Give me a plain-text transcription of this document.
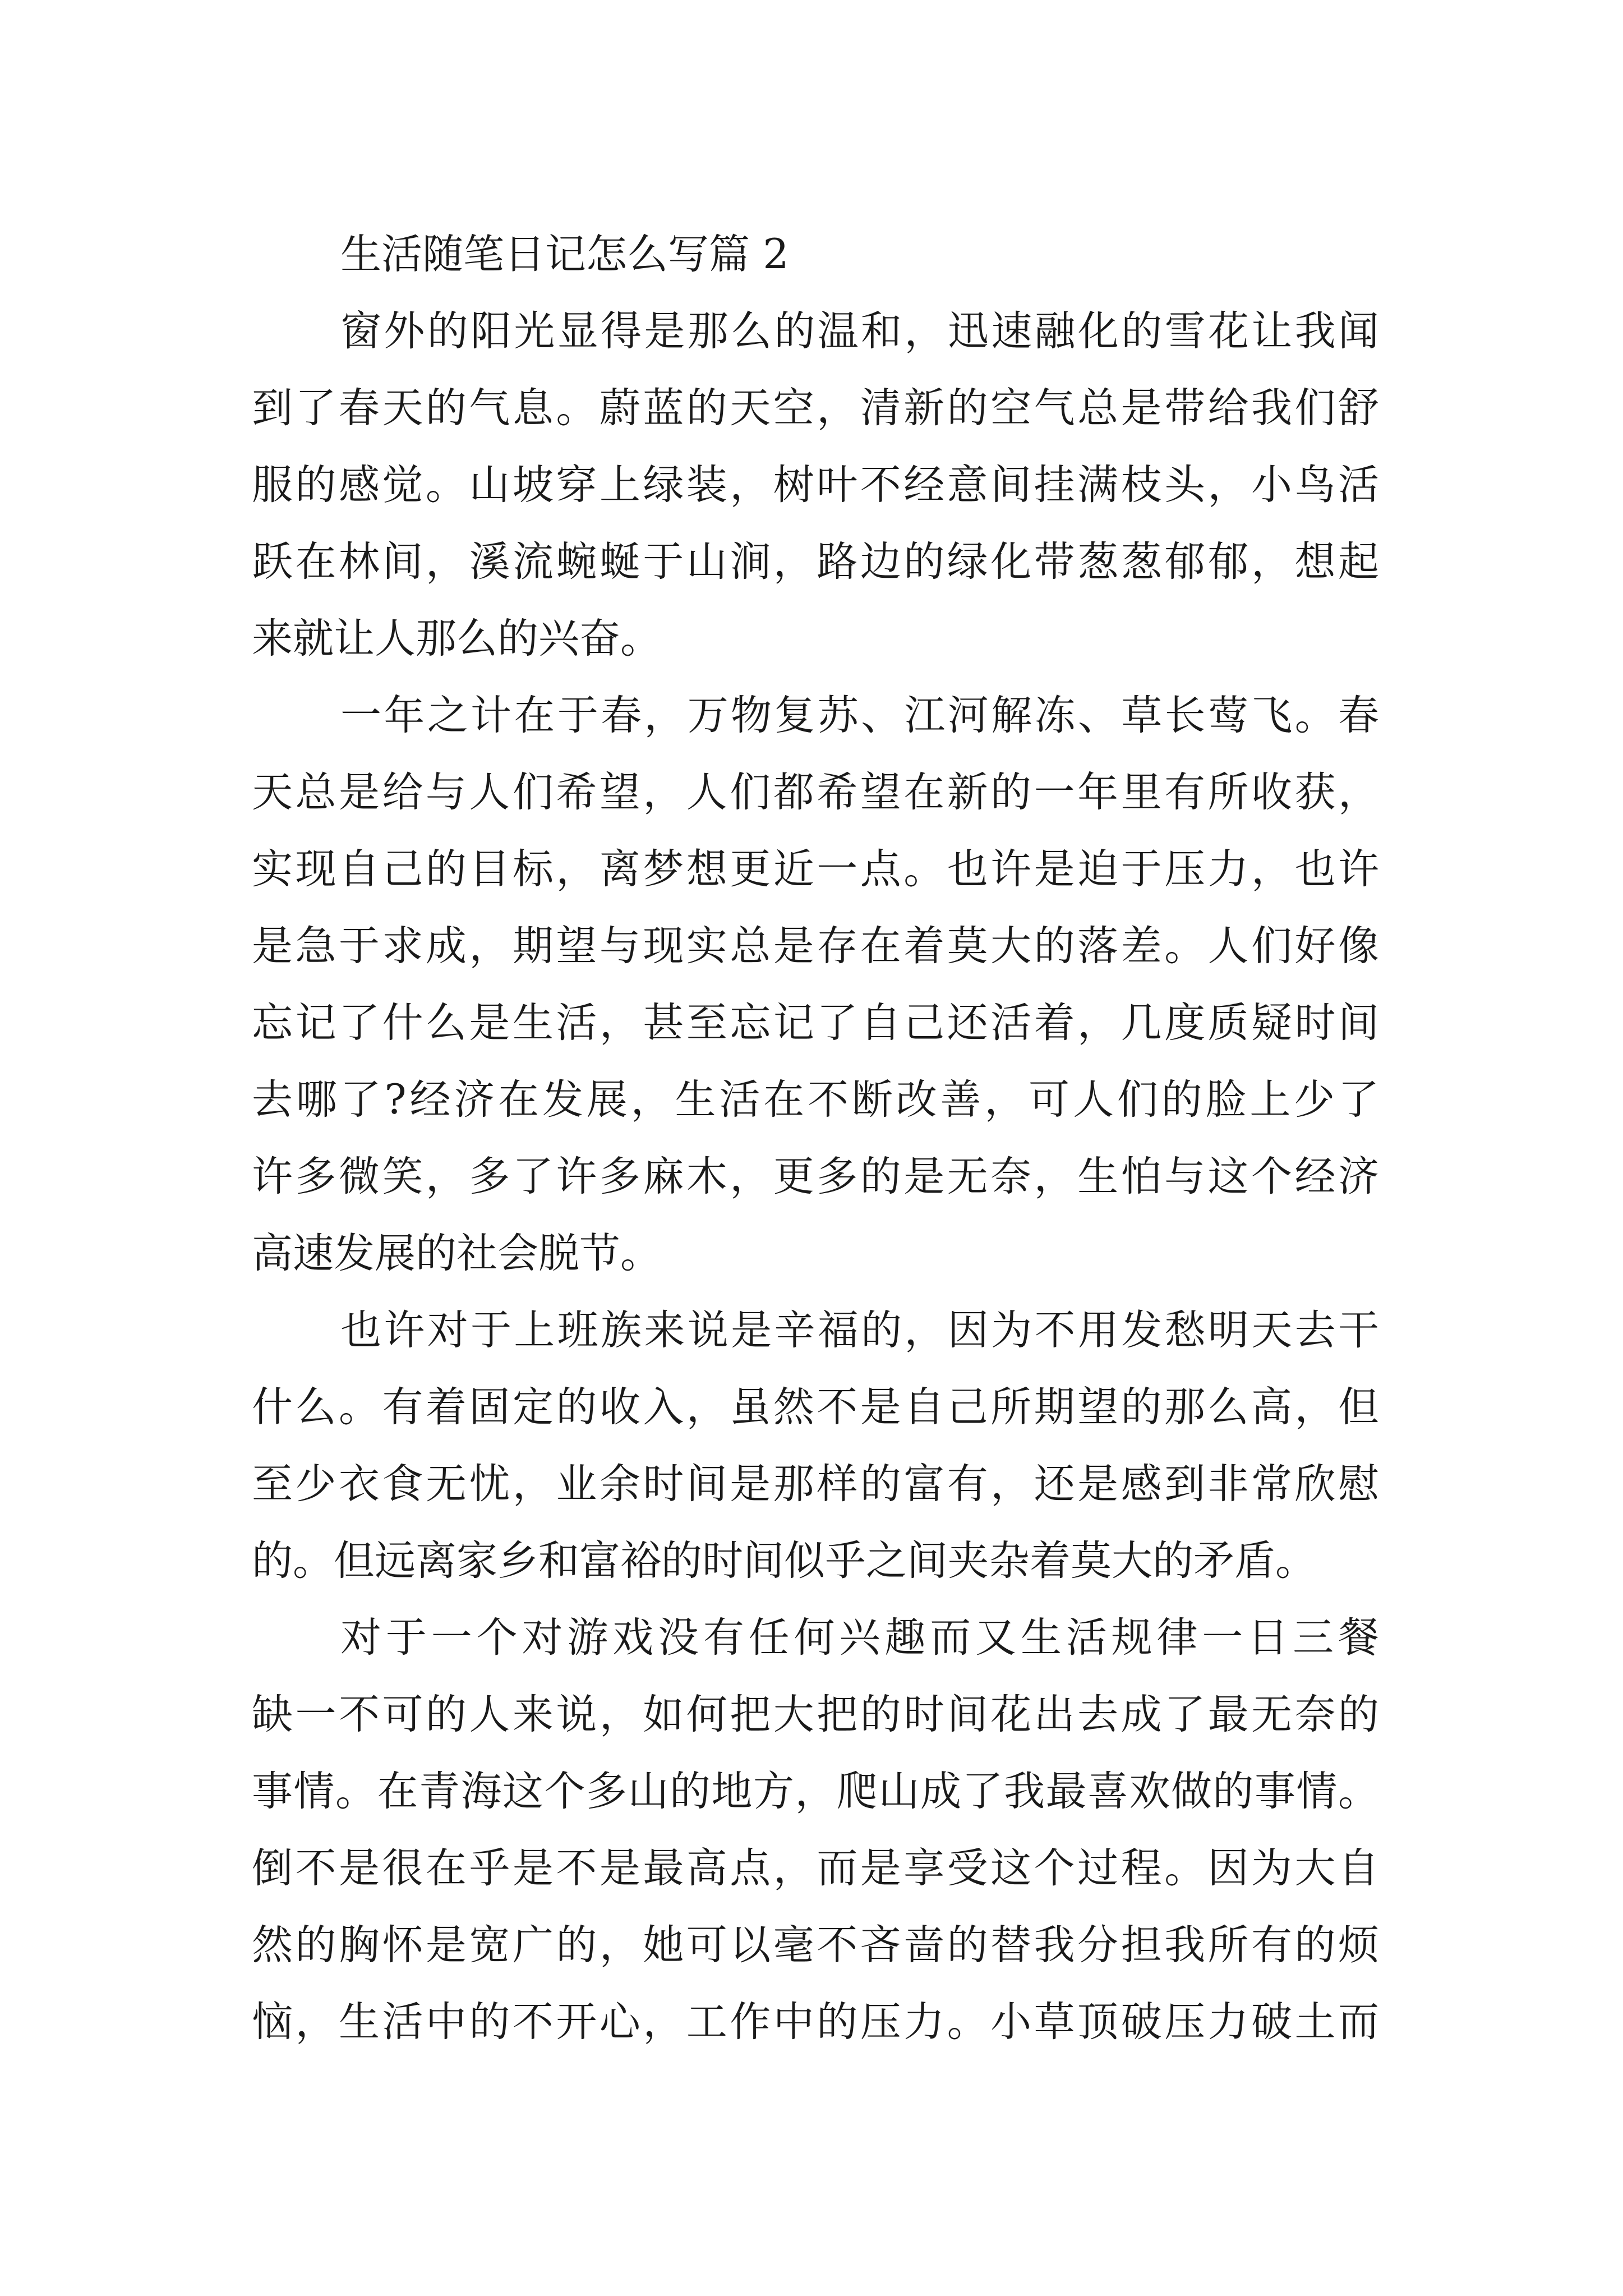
生活随笔日记怎么写篇 2
窗外的阳光显得是那么的温和，迅速融化的雪花让我闻
到了春天的气息。蔚蓝的天空，清新的空气总是带给我们舒
服的感觉。山坡穿上绿装，树叶不经意间挂满枝头，小鸟活
跃在林间，溪流蜿蜒于山涧，路边的绿化带葱葱郁郁，想起
来就让人那么的兴奋。
一年之计在于春，万物复苏、江河解冻、草长莺飞。春
天总是给与人们希望，人们都希望在新的一年里有所收获，
实现自己的目标，离梦想更近一点。也许是迫于压力，也许
是急于求成，期望与现实总是存在着莫大的落差。人们好像
忘记了什么是生活，甚至忘记了自己还活着，几度质疑时间
去哪了?经济在发展，生活在不断改善，可人们的脸上少了
许多微笑，多了许多麻木，更多的是无奈，生怕与这个经济
高速发展的社会脱节。
也许对于上班族来说是辛福的，因为不用发愁明天去干
什么。有着固定的收入，虽然不是自己所期望的那么高，但
至少衣食无忧，业余时间是那样的富有，还是感到非常欣慰
的。但远离家乡和富裕的时间似乎之间夹杂着莫大的矛盾。
对于一个对游戏没有任何兴趣而又生活规律一日三餐
缺一不可的人来说，如何把大把的时间花出去成了最无奈的
事情。在青海这个多山的地方，爬山成了我最喜欢做的事情。
倒不是很在乎是不是最高点，而是享受这个过程。因为大自
然的胸怀是宽广的，她可以毫不吝啬的替我分担我所有的烦
恼，生活中的不开心，工作中的压力。小草顶破压力破土而
